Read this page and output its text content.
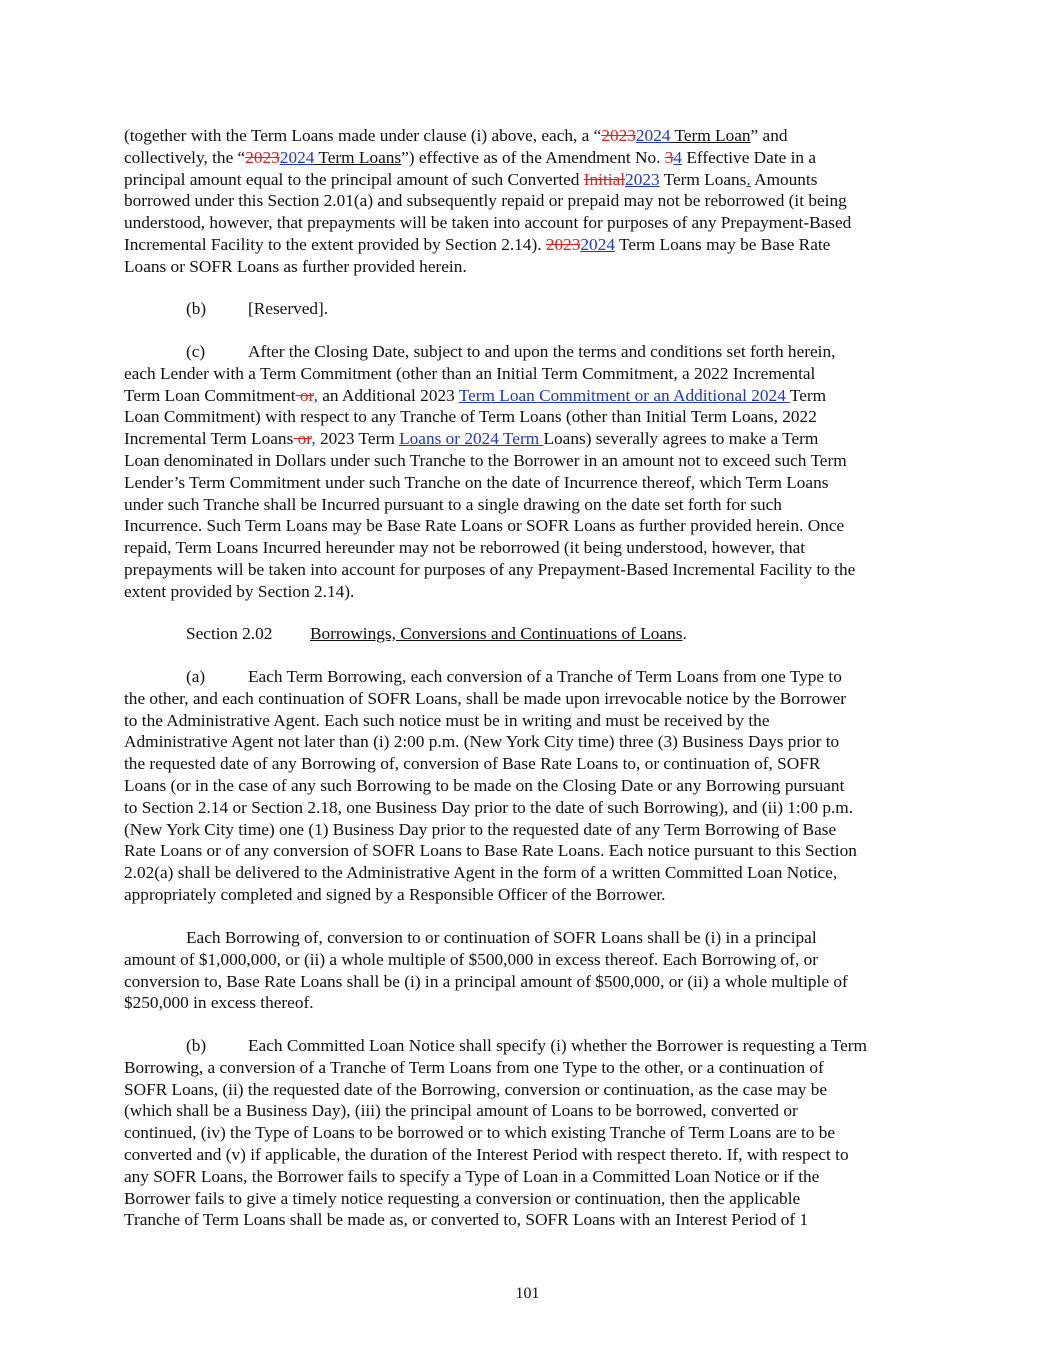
(together with the Term Loans made under clause (i) above, each, a “20232024 Term Loan” and
collectively, the “20232024 Term Loans”) effective as of the Amendment No. 34 Effective Date in a
principal amount equal to the principal amount of such Converted Initial2023 Term Loans. Amounts
borrowed under this Section 2.01(a) and subsequently repaid or prepaid may not be reborrowed (it being
understood, however, that prepayments will be taken into account for purposes of any Prepayment-Based
Incremental Facility to the extent provided by Section 2.14). 20232024 Term Loans may be Base Rate
Loans or SOFR Loans as further provided herein.
(b) [Reserved].
(c) After the Closing Date, subject to and upon the terms and conditions set forth herein,
each Lender with a Term Commitment (other than an Initial Term Commitment, a 2022 Incremental
Term Loan Commitment or, an Additional 2023 Term Loan Commitment or an Additional 2024 Term
Loan Commitment) with respect to any Tranche of Term Loans (other than Initial Term Loans, 2022
Incremental Term Loans or, 2023 Term Loans or 2024 Term Loans) severally agrees to make a Term
Loan denominated in Dollars under such Tranche to the Borrower in an amount not to exceed such Term
Lender’s Term Commitment under such Tranche on the date of Incurrence thereof, which Term Loans
under such Tranche shall be Incurred pursuant to a single drawing on the date set forth for such
Incurrence. Such Term Loans may be Base Rate Loans or SOFR Loans as further provided herein. Once
repaid, Term Loans Incurred hereunder may not be reborrowed (it being understood, however, that
prepayments will be taken into account for purposes of any Prepayment-Based Incremental Facility to the
extent provided by Section 2.14).
Section 2.02 Borrowings, Conversions and Continuations of Loans.
(a) Each Term Borrowing, each conversion of a Tranche of Term Loans from one Type to
the other, and each continuation of SOFR Loans, shall be made upon irrevocable notice by the Borrower
to the Administrative Agent. Each such notice must be in writing and must be received by the
Administrative Agent not later than (i) 2:00 p.m. (New York City time) three (3) Business Days prior to
the requested date of any Borrowing of, conversion of Base Rate Loans to, or continuation of, SOFR
Loans (or in the case of any such Borrowing to be made on the Closing Date or any Borrowing pursuant
to Section 2.14 or Section 2.18, one Business Day prior to the date of such Borrowing), and (ii) 1:00 p.m.
(New York City time) one (1) Business Day prior to the requested date of any Term Borrowing of Base
Rate Loans or of any conversion of SOFR Loans to Base Rate Loans. Each notice pursuant to this Section
2.02(a) shall be delivered to the Administrative Agent in the form of a written Committed Loan Notice,
appropriately completed and signed by a Responsible Officer of the Borrower.
Each Borrowing of, conversion to or continuation of SOFR Loans shall be (i) in a principal
amount of $1,000,000, or (ii) a whole multiple of $500,000 in excess thereof. Each Borrowing of, or
conversion to, Base Rate Loans shall be (i) in a principal amount of $500,000, or (ii) a whole multiple of
$250,000 in excess thereof.
(b) Each Committed Loan Notice shall specify (i) whether the Borrower is requesting a Term
Borrowing, a conversion of a Tranche of Term Loans from one Type to the other, or a continuation of
SOFR Loans, (ii) the requested date of the Borrowing, conversion or continuation, as the case may be
(which shall be a Business Day), (iii) the principal amount of Loans to be borrowed, converted or
continued, (iv) the Type of Loans to be borrowed or to which existing Tranche of Term Loans are to be
converted and (v) if applicable, the duration of the Interest Period with respect thereto. If, with respect to
any SOFR Loans, the Borrower fails to specify a Type of Loan in a Committed Loan Notice or if the
Borrower fails to give a timely notice requesting a conversion or continuation, then the applicable
Tranche of Term Loans shall be made as, or converted to, SOFR Loans with an Interest Period of 1
101
